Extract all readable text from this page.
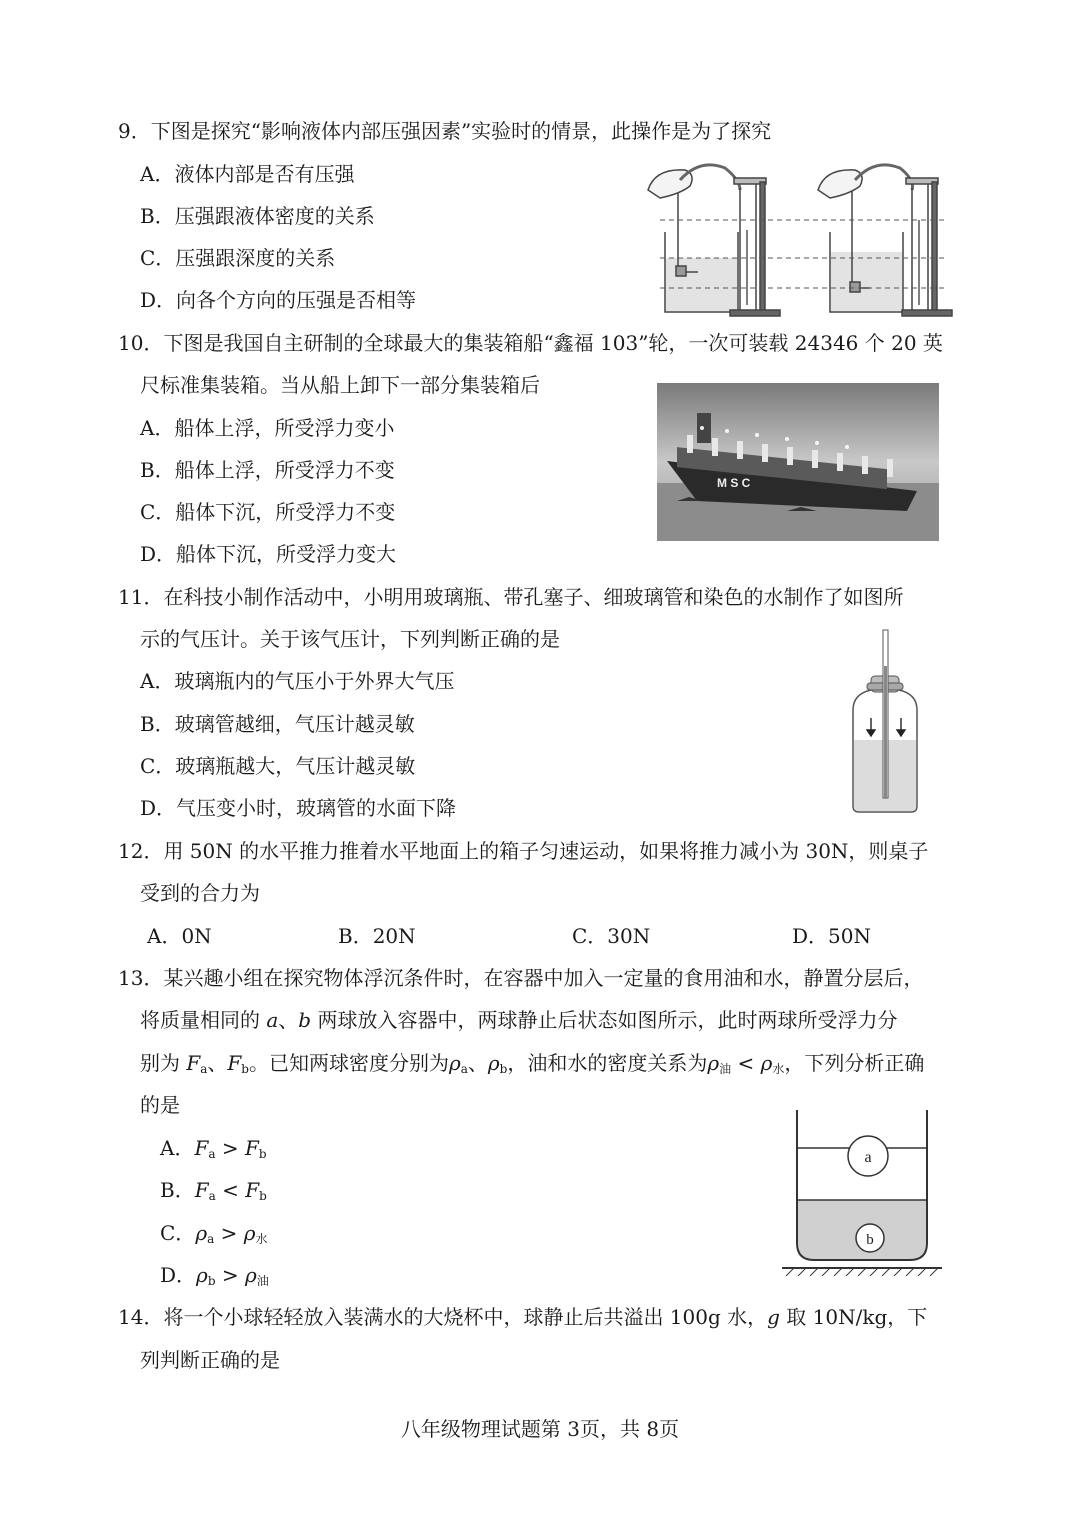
9．下图是探究“影响液体内部压强因素”实验时的情景，此操作是为了探究
A．液体内部是否有压强
B．压强跟液体密度的关系
C．压强跟深度的关系
D．向各个方向的压强是否相等
10．下图是我国自主研制的全球最大的集装箱船“鑫福 103”轮，一次可装载 24346 个 20 英
尺标准集装箱。当从船上卸下一部分集装箱后
A．船体上浮，所受浮力变小
B．船体上浮，所受浮力不变
C．船体下沉，所受浮力不变
D．船体下沉，所受浮力变大
M S C
11．在科技小制作活动中，小明用玻璃瓶、带孔塞子、细玻璃管和染色的水制作了如图所
示的气压计。关于该气压计，下列判断正确的是
A．玻璃瓶内的气压小于外界大气压
B．玻璃管越细，气压计越灵敏
C．玻璃瓶越大，气压计越灵敏
D．气压变小时，玻璃管的水面下降
12．用 50N 的水平推力推着水平地面上的箱子匀速运动，如果将推力减小为 30N，则桌子
受到的合力为
A．0N	B．20N	C．30N	D．50N
13．某兴趣小组在探究物体浮沉条件时，在容器中加入一定量的食用油和水，静置分层后，
将质量相同的 a、b 两球放入容器中，两球静止后状态如图所示，此时两球所受浮力分
别为 $F_a$、$F_b$。已知两球密度分别为$\rho_a$、$\rho_b$，油和水的密度关系为$\rho_油 < \rho_水$，下列分析正确
的是
A．$F_a > F_b$
B．$F_a < F_b$
C．$\rho_a > \rho_水$
D．$\rho_b > \rho_油$
a
b
14．将一个小球轻轻放入装满水的大烧杯中，球静止后共溢出 100g 水，g 取 10N/kg，下
列判断正确的是
八年级物理试题第 3页，共 8页
